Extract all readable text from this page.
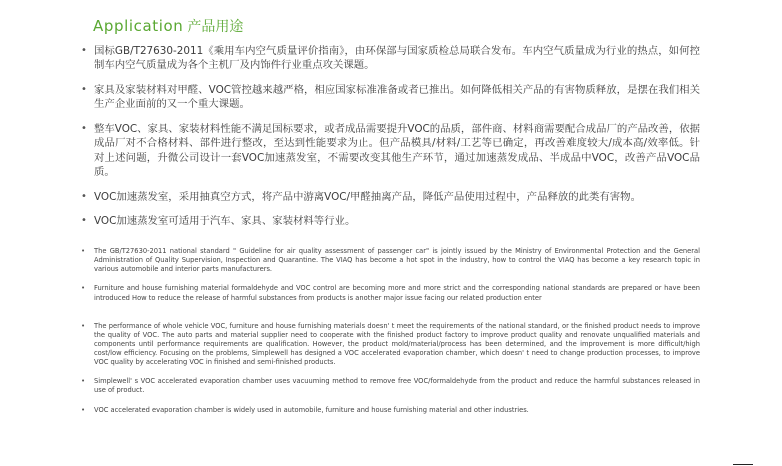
Application 产品用途
• 国标GB/T27630-2011《乘用车内空气质量评价指南》，由环保部与国家质检总局联合发布。车内空气质量成为行业的热点，如何控制车内空气质量成为各个主机厂及内饰件行业重点攻关课题。
• 家具及家装材料对甲醛、VOC管控越来越严格，相应国家标准准备或者已推出。如何降低相关产品的有害物质释放，是摆在我们相关生产企业面前的又一个重大课题。
• 整车VOC、家具、家装材料性能不满足国标要求，或者成品需要提升VOC的品质，部件商、材料商需要配合成品厂的产品改善，依据成品厂对不合格材料、部件进行整改，至达到性能要求为止。但产品模具/材料/工艺等已确定，再改善难度较大/成本高/效率低。针对上述问题，升微公司设计一套VOC加速蒸发室，不需要改变其他生产环节，通过加速蒸发成品、半成品中VOC，改善产品VOC品质。
• VOC加速蒸发室，采用抽真空方式，将产品中游离VOC/甲醛抽离产品，降低产品使用过程中，产品释放的此类有害物。
• VOC加速蒸发室可适用于汽车、家具、家装材料等行业。
• The GB/T27630-2011 national standard " Guideline for air quality assessment of passenger car" is jointly issued by the Ministry of Environmental Protection and the General Administration of Quality Supervision, Inspection and Quarantine. The VIAQ has become a hot spot in the industry, how to control the VIAQ has become a key research topic in various automobile and interior parts manufacturers.
• Furniture and house furnishing material formaldehyde and VOC control are becoming more and more strict and the corresponding national standards are prepared or have been introduced How to reduce the release of harmful substances from products is another major issue facing our related production enter
• The performance of whole vehicle VOC, furniture and house furnishing materials doesn' t meet the requirements of the national standard, or the finished product needs to improve the quality of VOC. The auto parts and material supplier need to cooperate with the finished product factory to improve product quality and renovate unqualified materials and components until performance requirements are qualification. However, the product mold/material/process has been determined, and the improvement is more difficult/high cost/low efficiency. Focusing on the problems, Simplewell has designed a VOC accelerated evaporation chamber, which doesn' t need to change production processes, to improve VOC quality by accelerating VOC in finished and semi-finished products.
• Simplewell' s VOC accelerated evaporation chamber uses vacuuming method to remove free VOC/formaldehyde from the product and reduce the harmful substances released in use of product.
• VOC accelerated evaporation chamber is widely used in automobile, furniture and house furnishing material and other industries.
